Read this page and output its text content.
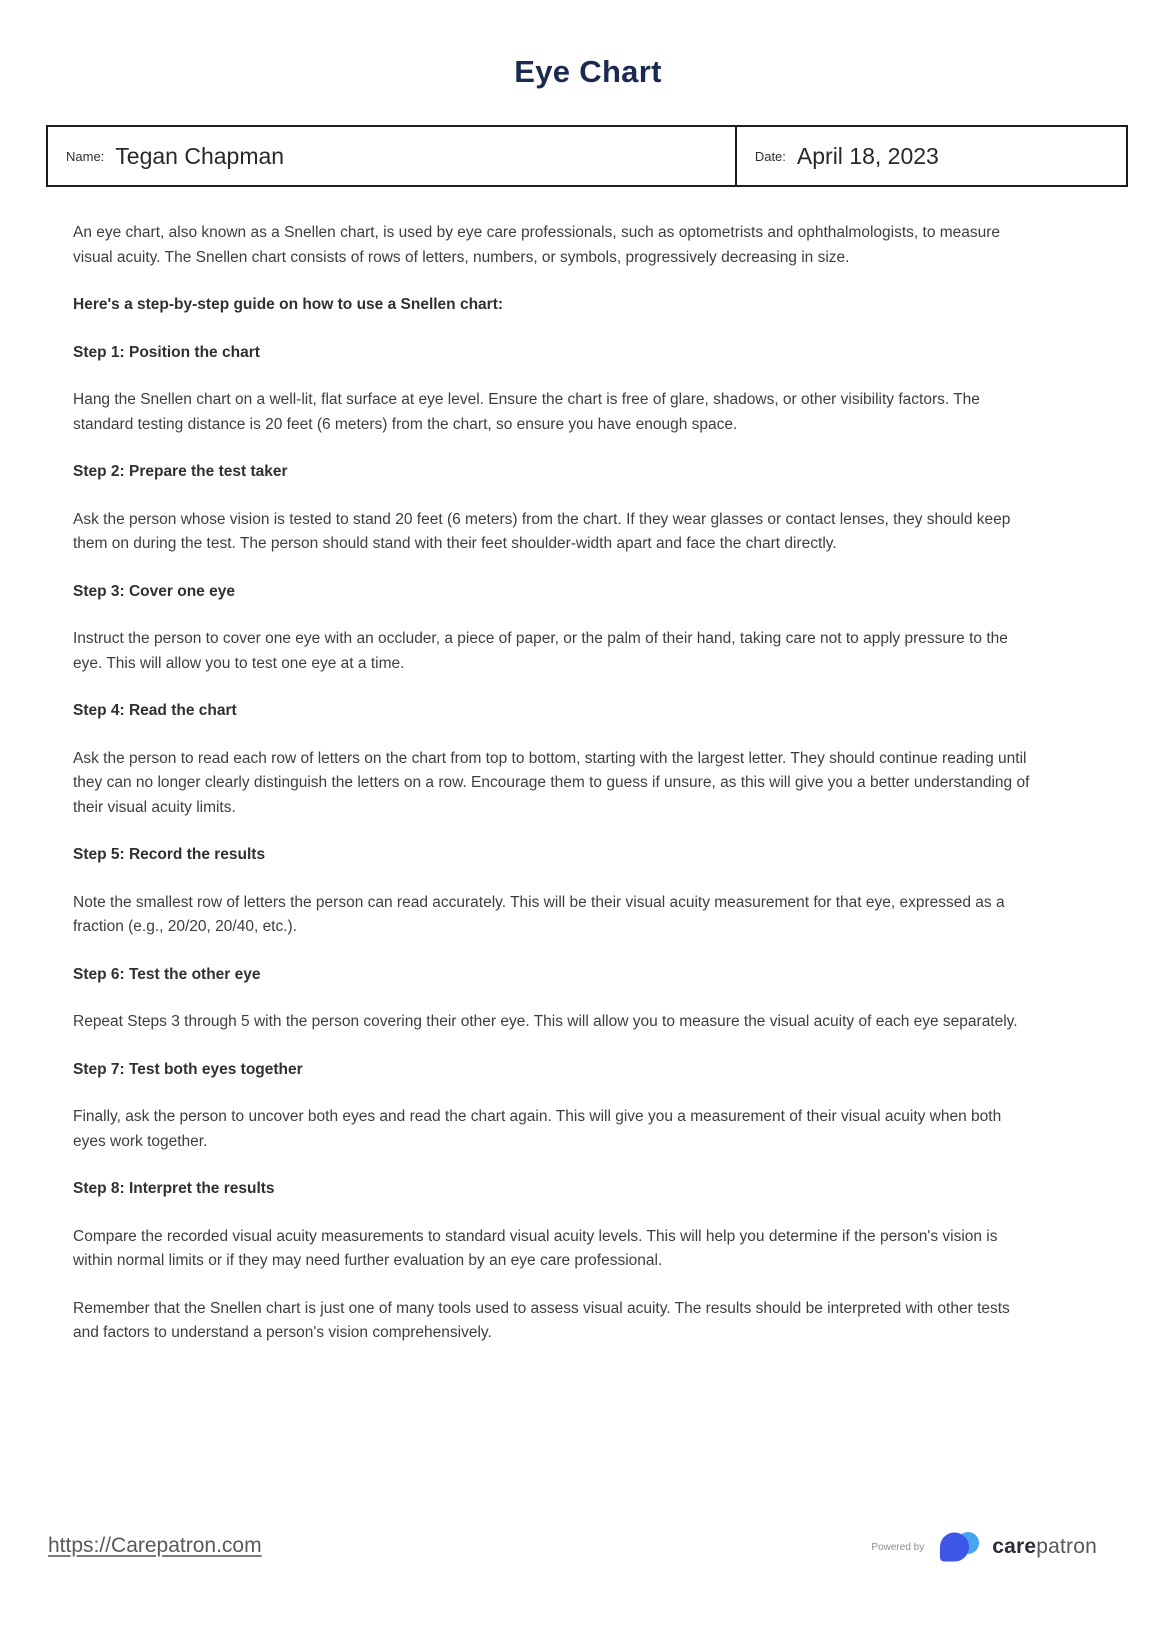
Eye Chart
Name: Tegan Chapman	Date: April 18, 2023

An eye chart, also known as a Snellen chart, is used by eye care professionals, such as optometrists and ophthalmologists, to measure visual acuity. The Snellen chart consists of rows of letters, numbers, or symbols, progressively decreasing in size.

Here's a step-by-step guide on how to use a Snellen chart:
Step 1: Position the chart

Hang the Snellen chart on a well-lit, flat surface at eye level. Ensure the chart is free of glare, shadows, or other visibility factors. The standard testing distance is 20 feet (6 meters) from the chart, so ensure you have enough space.

Step 2: Prepare the test taker

Ask the person whose vision is tested to stand 20 feet (6 meters) from the chart. If they wear glasses or contact lenses, they should keep them on during the test. The person should stand with their feet shoulder-width apart and face the chart directly.

Step 3: Cover one eye

Instruct the person to cover one eye with an occluder, a piece of paper, or the palm of their hand, taking care not to apply pressure to the eye. This will allow you to test one eye at a time.

Step 4: Read the chart

Ask the person to read each row of letters on the chart from top to bottom, starting with the largest letter. They should continue reading until they can no longer clearly distinguish the letters on a row. Encourage them to guess if unsure, as this will give you a better understanding of their visual acuity limits.

Step 5: Record the results

Note the smallest row of letters the person can read accurately. This will be their visual acuity measurement for that eye, expressed as a fraction (e.g., 20/20, 20/40, etc.).

Step 6: Test the other eye

Repeat Steps 3 through 5 with the person covering their other eye. This will allow you to measure the visual acuity of each eye separately.

Step 7: Test both eyes together

Finally, ask the person to uncover both eyes and read the chart again. This will give you a measurement of their visual acuity when both eyes work together.

Step 8: Interpret the results

Compare the recorded visual acuity measurements to standard visual acuity levels. This will help you determine if the person's vision is within normal limits or if they may need further evaluation by an eye care professional.

Remember that the Snellen chart is just one of many tools used to assess visual acuity. The results should be interpreted with other tests and factors to understand a person's vision comprehensively.

https://Carepatron.com	Powered by	carepatron
